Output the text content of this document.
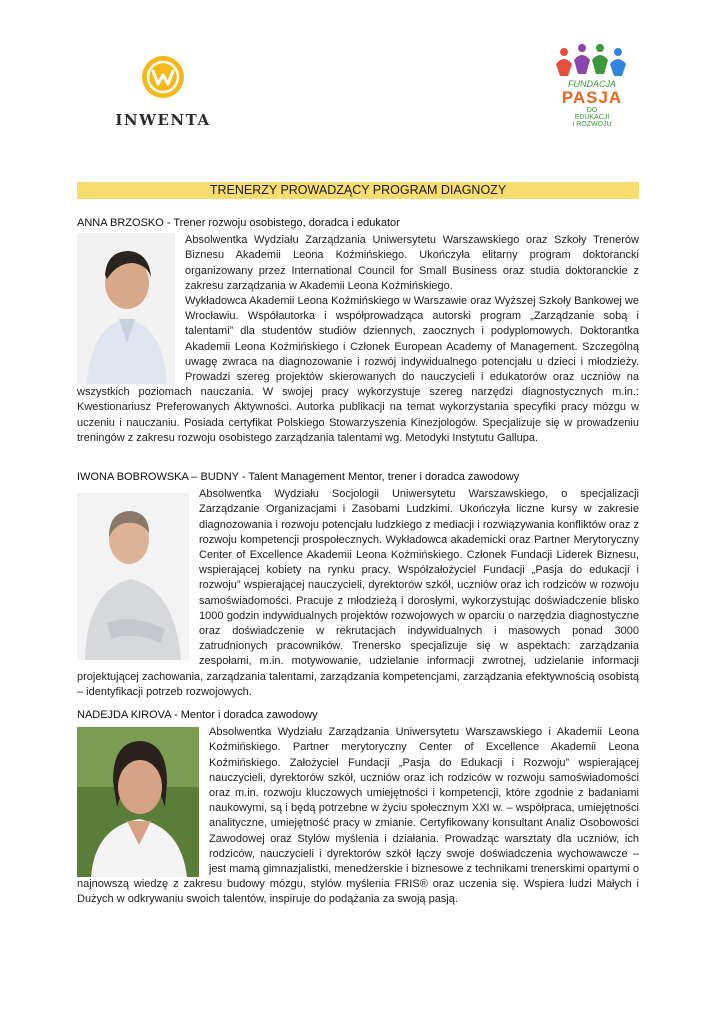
INWENTA
FUNDACJA
PASJA
DO
EDUKACJI
I ROZWOJU
TRENERZY PROWADZĄCY PROGRAM DIAGNOZY
ANNA BRZOSKO - Trener rozwoju osobistego, doradca i edukator

Absolwentka Wydziału Zarządzania Uniwersytetu Warszawskiego oraz Szkoły Trenerów Biznesu Akademii Leona Koźmińskiego. Ukończyła elitarny program doktorancki organizowany przez International Council for Small Business oraz studia doktoranckie z zakresu zarządzania w Akademii Leona Koźmińskiego.

Wykładowca Akademii Leona Koźmińskiego w Warszawie oraz Wyższej Szkoły Bankowej we Wrocławiu. Współautorka i współprowadząca autorski program „Zarządzanie sobą i talentami” dla studentów studiów dziennych, zaocznych i podyplomowych. Doktorantka Akademii Leona Koźmińskiego i Członek European Academy of Management. Szczególną uwagę zwraca na diagnozowanie i rozwój indywidualnego potencjału u dzieci i młodzieży. Prowadzi szereg projektów skierowanych do nauczycieli i edukatorów oraz uczniów na wszystkich poziomach nauczania. W swojej pracy wykorzystuje szereg narzędzi diagnostycznych m.in.: Kwestionariusz Preferowanych Aktywności. Autorka publikacji na temat wykorzystania specyfiki pracy mózgu w uczeniu i nauczaniu. Posiada certyfikat Polskiego Stowarzyszenia Kinezjologów. Specjalizuje się w prowadzeniu treningów z zakresu rozwoju osobistego zarządzania talentami wg. Metodyki Instytutu Gallupa.

IWONA BOBROWSKA – BUDNY - Talent Management Mentor, trener i doradca zawodowy

Absolwentka Wydziału Socjologii Uniwersytetu Warszawskiego, o specjalizacji Zarządzanie Organizacjami i Zasobami Ludzkimi. Ukończyła liczne kursy w zakresie diagnozowania i rozwoju potencjału ludzkiego z mediacji i rozwiązywania konfliktów oraz z rozwoju kompetencji prospołecznych. Wykładowca akademicki oraz Partner Merytoryczny Center of Excellence Akademii Leona Koźmińskiego. Członek Fundacji Liderek Biznesu, wspierającej kobiety na rynku pracy. Współzałożyciel Fundacji „Pasja do edukacji i rozwoju” wspierającej nauczycieli, dyrektorów szkół, uczniów oraz ich rodziców w rozwoju samoświadomości. Pracuje z młodzieżą i dorosłymi, wykorzystując doświadczenie blisko 1000 godzin indywidualnych projektów rozwojowych w oparciu o narzędzia diagnostyczne oraz doświadczenie w rekrutacjach indywidualnych i masowych ponad 3000 zatrudnionych pracowników. Trenersko specjalizuje się w aspektach: zarządzania zespołami, m.in. motywowanie, udzielanie informacji zwrotnej, udzielanie informacji projektującej zachowania, zarządzania talentami, zarządzania kompetencjami, zarządzania efektywnością osobistą – identyfikacji potrzeb rozwojowych.

NADEJDA KIROVA - Mentor i doradca zawodowy

Absolwentka Wydziału Zarządzania Uniwersytetu Warszawskiego i Akademii Leona Koźmińskiego. Partner merytoryczny Center of Excellence Akademii Leona Koźmińskiego. Założyciel Fundacji „Pasja do Edukacji i Rozwoju” wspierającej nauczycieli, dyrektorów szkół, uczniów oraz ich rodziców w rozwoju samoświadomości oraz m.in. rozwoju kluczowych umiejętności i kompetencji, które zgodnie z badaniami naukowymi, są i będą potrzebne w życiu społecznym XXI w. – współpraca, umiejętności analityczne, umiejętność pracy w zmianie. Certyfikowany konsultant Analiz Osobowości Zawodowej oraz Stylów myślenia i działania. Prowadząc warsztaty dla uczniów, ich rodziców, nauczycieli i dyrektorów szkół łączy swoje doświadczenia wychowawcze – jest mamą gimnazjalistki, menedżerskie i biznesowe z technikami trenerskimi opartymi o najnowszą wiedzę z zakresu budowy mózgu, stylów myślenia FRIS® oraz uczenia się. Wspiera ludzi Małych i Dużych w odkrywaniu swoich talentów, inspiruje do podążania za swoją pasją.
